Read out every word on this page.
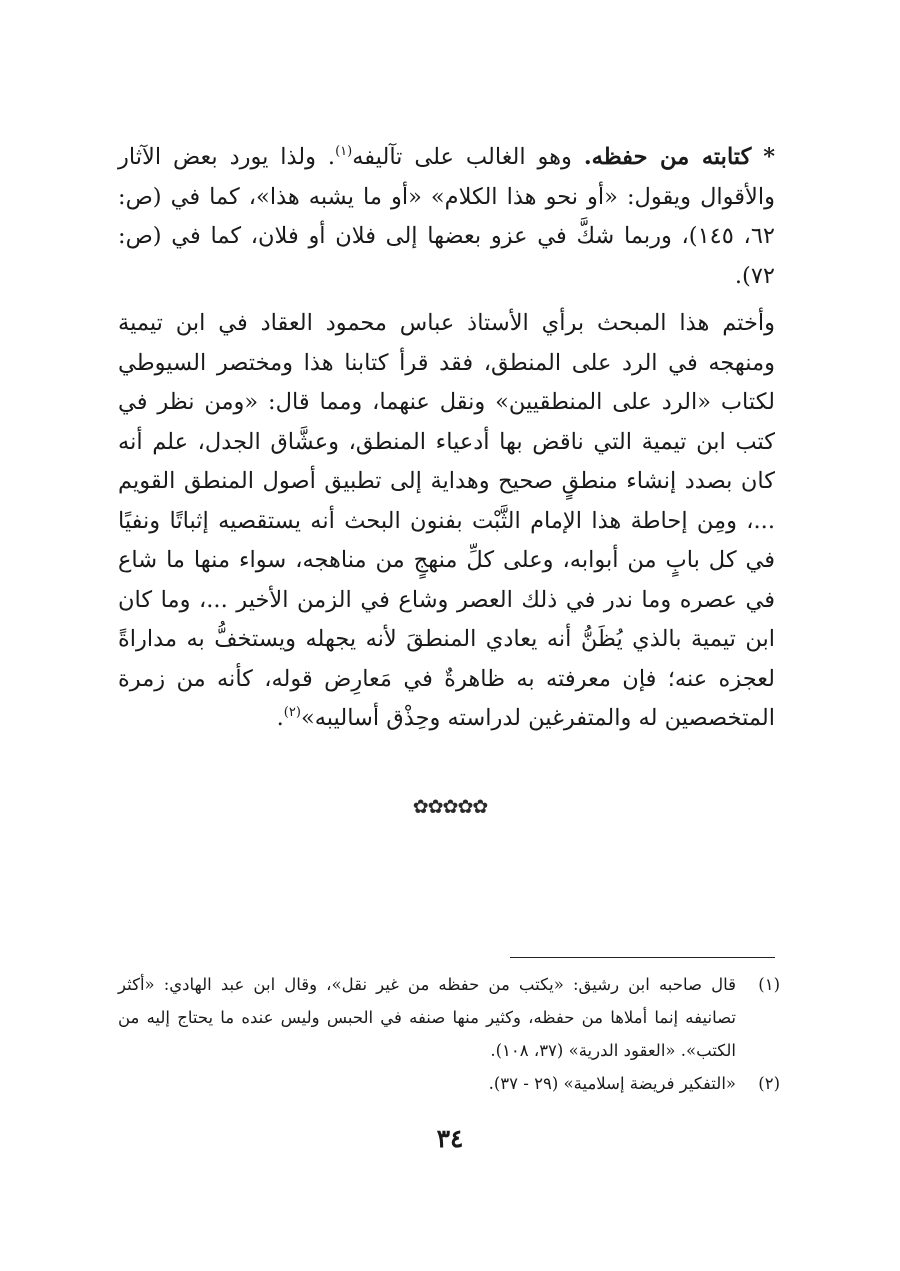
* كتابته من حفظه. وهو الغالب على تآليفه$^{(١)}$. ولذا يورد بعض الآثار والأقوال ويقول: «أو نحو هذا الكلام» «أو ما يشبه هذا»، كما في (ص: ٦٢، ١٤٥)، وربما شكَّ في عزو بعضها إلى فلان أو فلان، كما في (ص: ٧٢).

وأختم هذا المبحث برأي الأستاذ عباس محمود العقاد في ابن تيمية ومنهجه في الرد على المنطق، فقد قرأ كتابنا هذا ومختصر السيوطي لكتاب «الرد على المنطقيين» ونقل عنهما، ومما قال: «ومن نظر في كتب ابن تيمية التي ناقض بها أدعياء المنطق، وعشَّاق الجدل، علم أنه كان بصدد إنشاء منطقٍ صحيح وهداية إلى تطبيق أصول المنطق القويم ...، ومِن إحاطة هذا الإمام الثَّبْت بفنون البحث أنه يستقصيه إثباتًا ونفيًا في كل بابٍ من أبوابه، وعلى كلِّ منهجٍ من مناهجه، سواء منها ما شاع في عصره وما ندر في ذلك العصر وشاع في الزمن الأخير ...، وما كان ابن تيمية بالذي يُظَنُّ أنه يعادي المنطقَ لأنه يجهله ويستخفُّ به مداراةً لعجزه عنه؛ فإن معرفته به ظاهرةٌ في مَعارِض قوله، كأنه من زمرة المتخصصين له والمتفرغين لدراسته وحِذْق أساليبه»$^{(٢)}$.

✿✿✿✿✿
(١)
قال صاحبه ابن رشيق: «يكتب من حفظه من غير نقل»، وقال ابن عبد الهادي: «أكثر تصانيفه إنما أملاها من حفظه، وكثير منها صنفه في الحبس وليس عنده ما يحتاج إليه من الكتب». «العقود الدرية» (٣٧، ١٠٨).
(٢)
«التفكير فريضة إسلامية» (٢٩ - ٣٧).
٣٤
